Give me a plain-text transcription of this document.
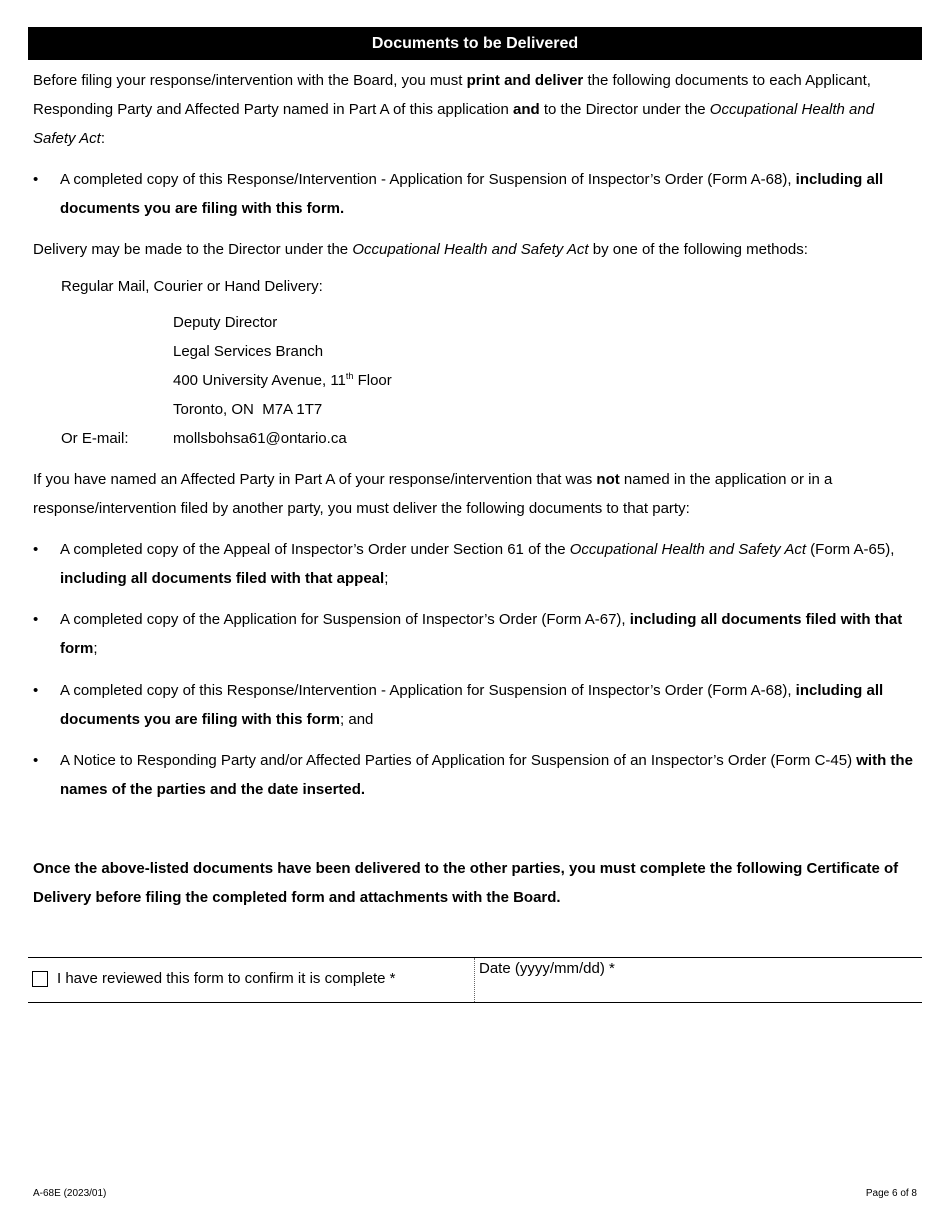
Documents to be Delivered

Before filing your response/intervention with the Board, you must print and deliver the following documents to each Applicant, Responding Party and Affected Party named in Part A of this application and to the Director under the Occupational Health and Safety Act:

•	A completed copy of this Response/Intervention - Application for Suspension of Inspector’s Order (Form A-68), including all documents you are filing with this form.

Delivery may be made to the Director under the Occupational Health and Safety Act by one of the following methods:

Regular Mail, Courier or Hand Delivery:
Deputy Director
Legal Services Branch
400 University Avenue, 11th Floor
Toronto, ON  M7A 1T7
Or E-mail:	mollsbohsa61@ontario.ca

If you have named an Affected Party in Part A of your response/intervention that was not named in the application or in a response/intervention filed by another party, you must deliver the following documents to that party:

•	A completed copy of the Appeal of Inspector’s Order under Section 61 of the Occupational Health and Safety Act (Form A-65), including all documents filed with that appeal;
•	A completed copy of the Application for Suspension of Inspector’s Order (Form A-67), including all documents filed with that form;
•	A completed copy of this Response/Intervention - Application for Suspension of Inspector’s Order (Form A-68), including all documents you are filing with this form; and
•	A Notice to Responding Party and/or Affected Parties of Application for Suspension of an Inspector’s Order (Form C-45) with the names of the parties and the date inserted.

Once the above-listed documents have been delivered to the other parties, you must complete the following Certificate of Delivery before filing the completed form and attachments with the Board.

I have reviewed this form to confirm it is complete *
Date (yyyy/mm/dd) *
A-68E (2023/01)	Page 6 of 8
